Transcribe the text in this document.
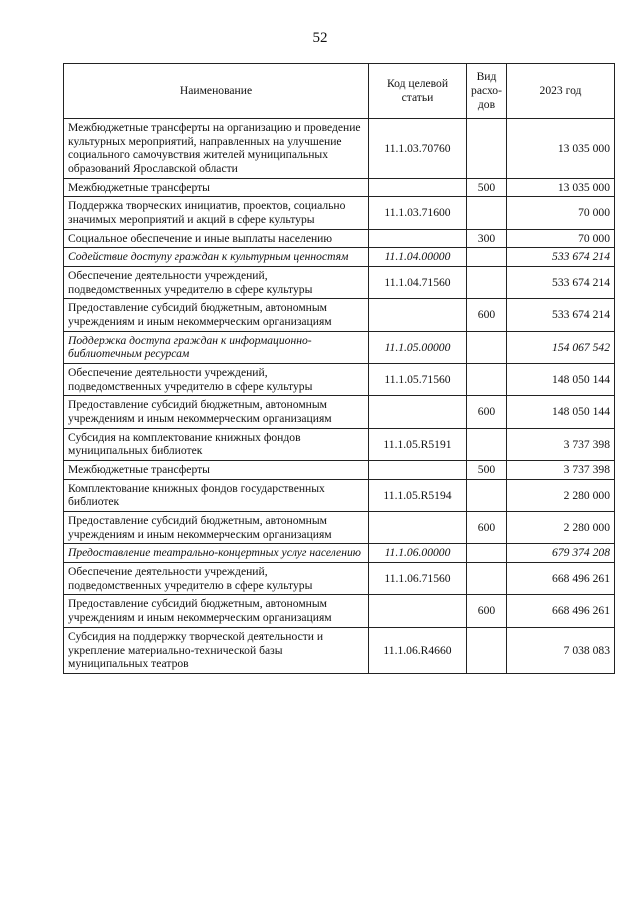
52
Наименование	Код целевой статьи	Вид расхо-дов	2023 год
Межбюджетные трансферты на организацию и проведение культурных мероприятий, направленных на улучшение социального самочувствия жителей муниципальных образований Ярославской области	11.1.03.70760		13 035 000
Межбюджетные трансферты		500	13 035 000
Поддержка творческих инициатив, проектов, социально значимых мероприятий и акций в сфере культуры	11.1.03.71600		70 000
Социальное обеспечение и иные выплаты населению		300	70 000
Содействие доступу граждан к культурным ценностям	11.1.04.00000		533 674 214
Обеспечение деятельности учреждений, подведомственных учредителю в сфере культуры	11.1.04.71560		533 674 214
Предоставление субсидий бюджетным, автономным учреждениям и иным некоммерческим организациям		600	533 674 214
Поддержка доступа граждан к информационно-библиотечным ресурсам	11.1.05.00000		154 067 542
Обеспечение деятельности учреждений, подведомственных учредителю в сфере культуры	11.1.05.71560		148 050 144
Предоставление субсидий бюджетным, автономным учреждениям и иным некоммерческим организациям		600	148 050 144
Субсидия на комплектование книжных фондов муниципальных библиотек	11.1.05.R5191		3 737 398
Межбюджетные трансферты		500	3 737 398
Комплектование книжных фондов государственных библиотек	11.1.05.R5194		2 280 000
Предоставление субсидий бюджетным, автономным учреждениям и иным некоммерческим организациям		600	2 280 000
Предоставление театрально-концертных услуг населению	11.1.06.00000		679 374 208
Обеспечение деятельности учреждений, подведомственных учредителю в сфере культуры	11.1.06.71560		668 496 261
Предоставление субсидий бюджетным, автономным учреждениям и иным некоммерческим организациям		600	668 496 261
Субсидия на поддержку творческой деятельности и укрепление материально-технической базы муниципальных театров	11.1.06.R4660		7 038 083
